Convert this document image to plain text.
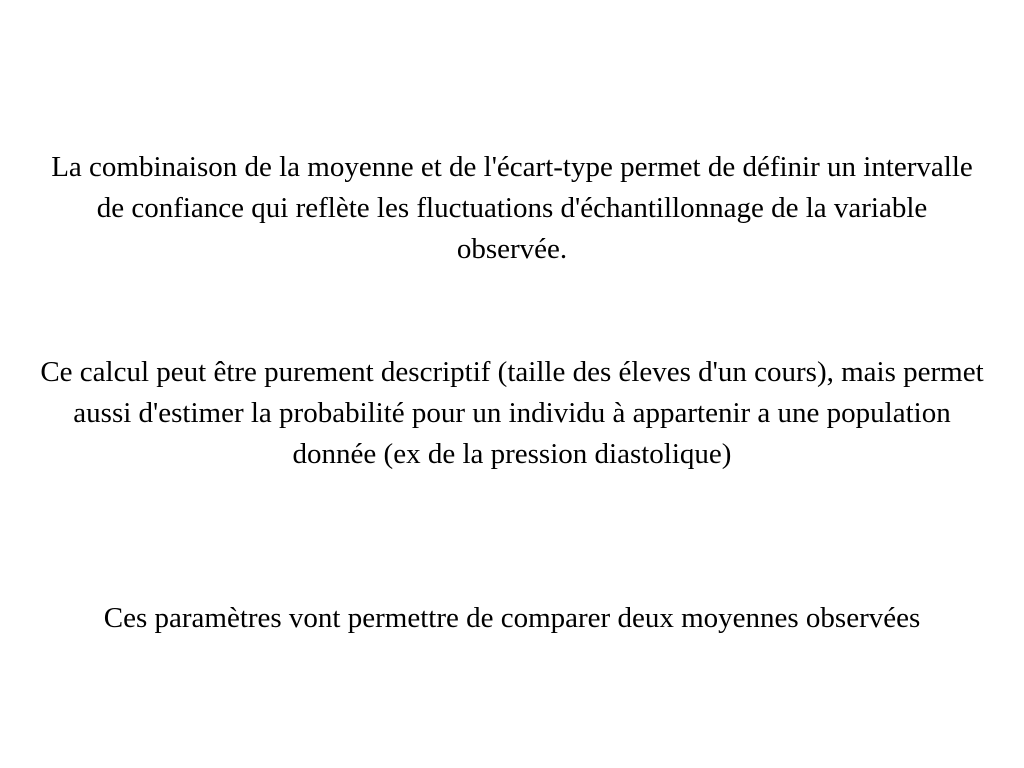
La combinaison de la moyenne et de l'écart-type permet de définir un intervalle de confiance qui reflète les fluctuations d'échantillonnage de la variable observée.

Ce calcul peut être purement descriptif (taille des éleves d'un cours), mais permet aussi d'estimer la probabilité pour un individu à appartenir a une population donnée (ex de la pression diastolique)

Ces paramètres vont permettre de comparer deux moyennes observées
